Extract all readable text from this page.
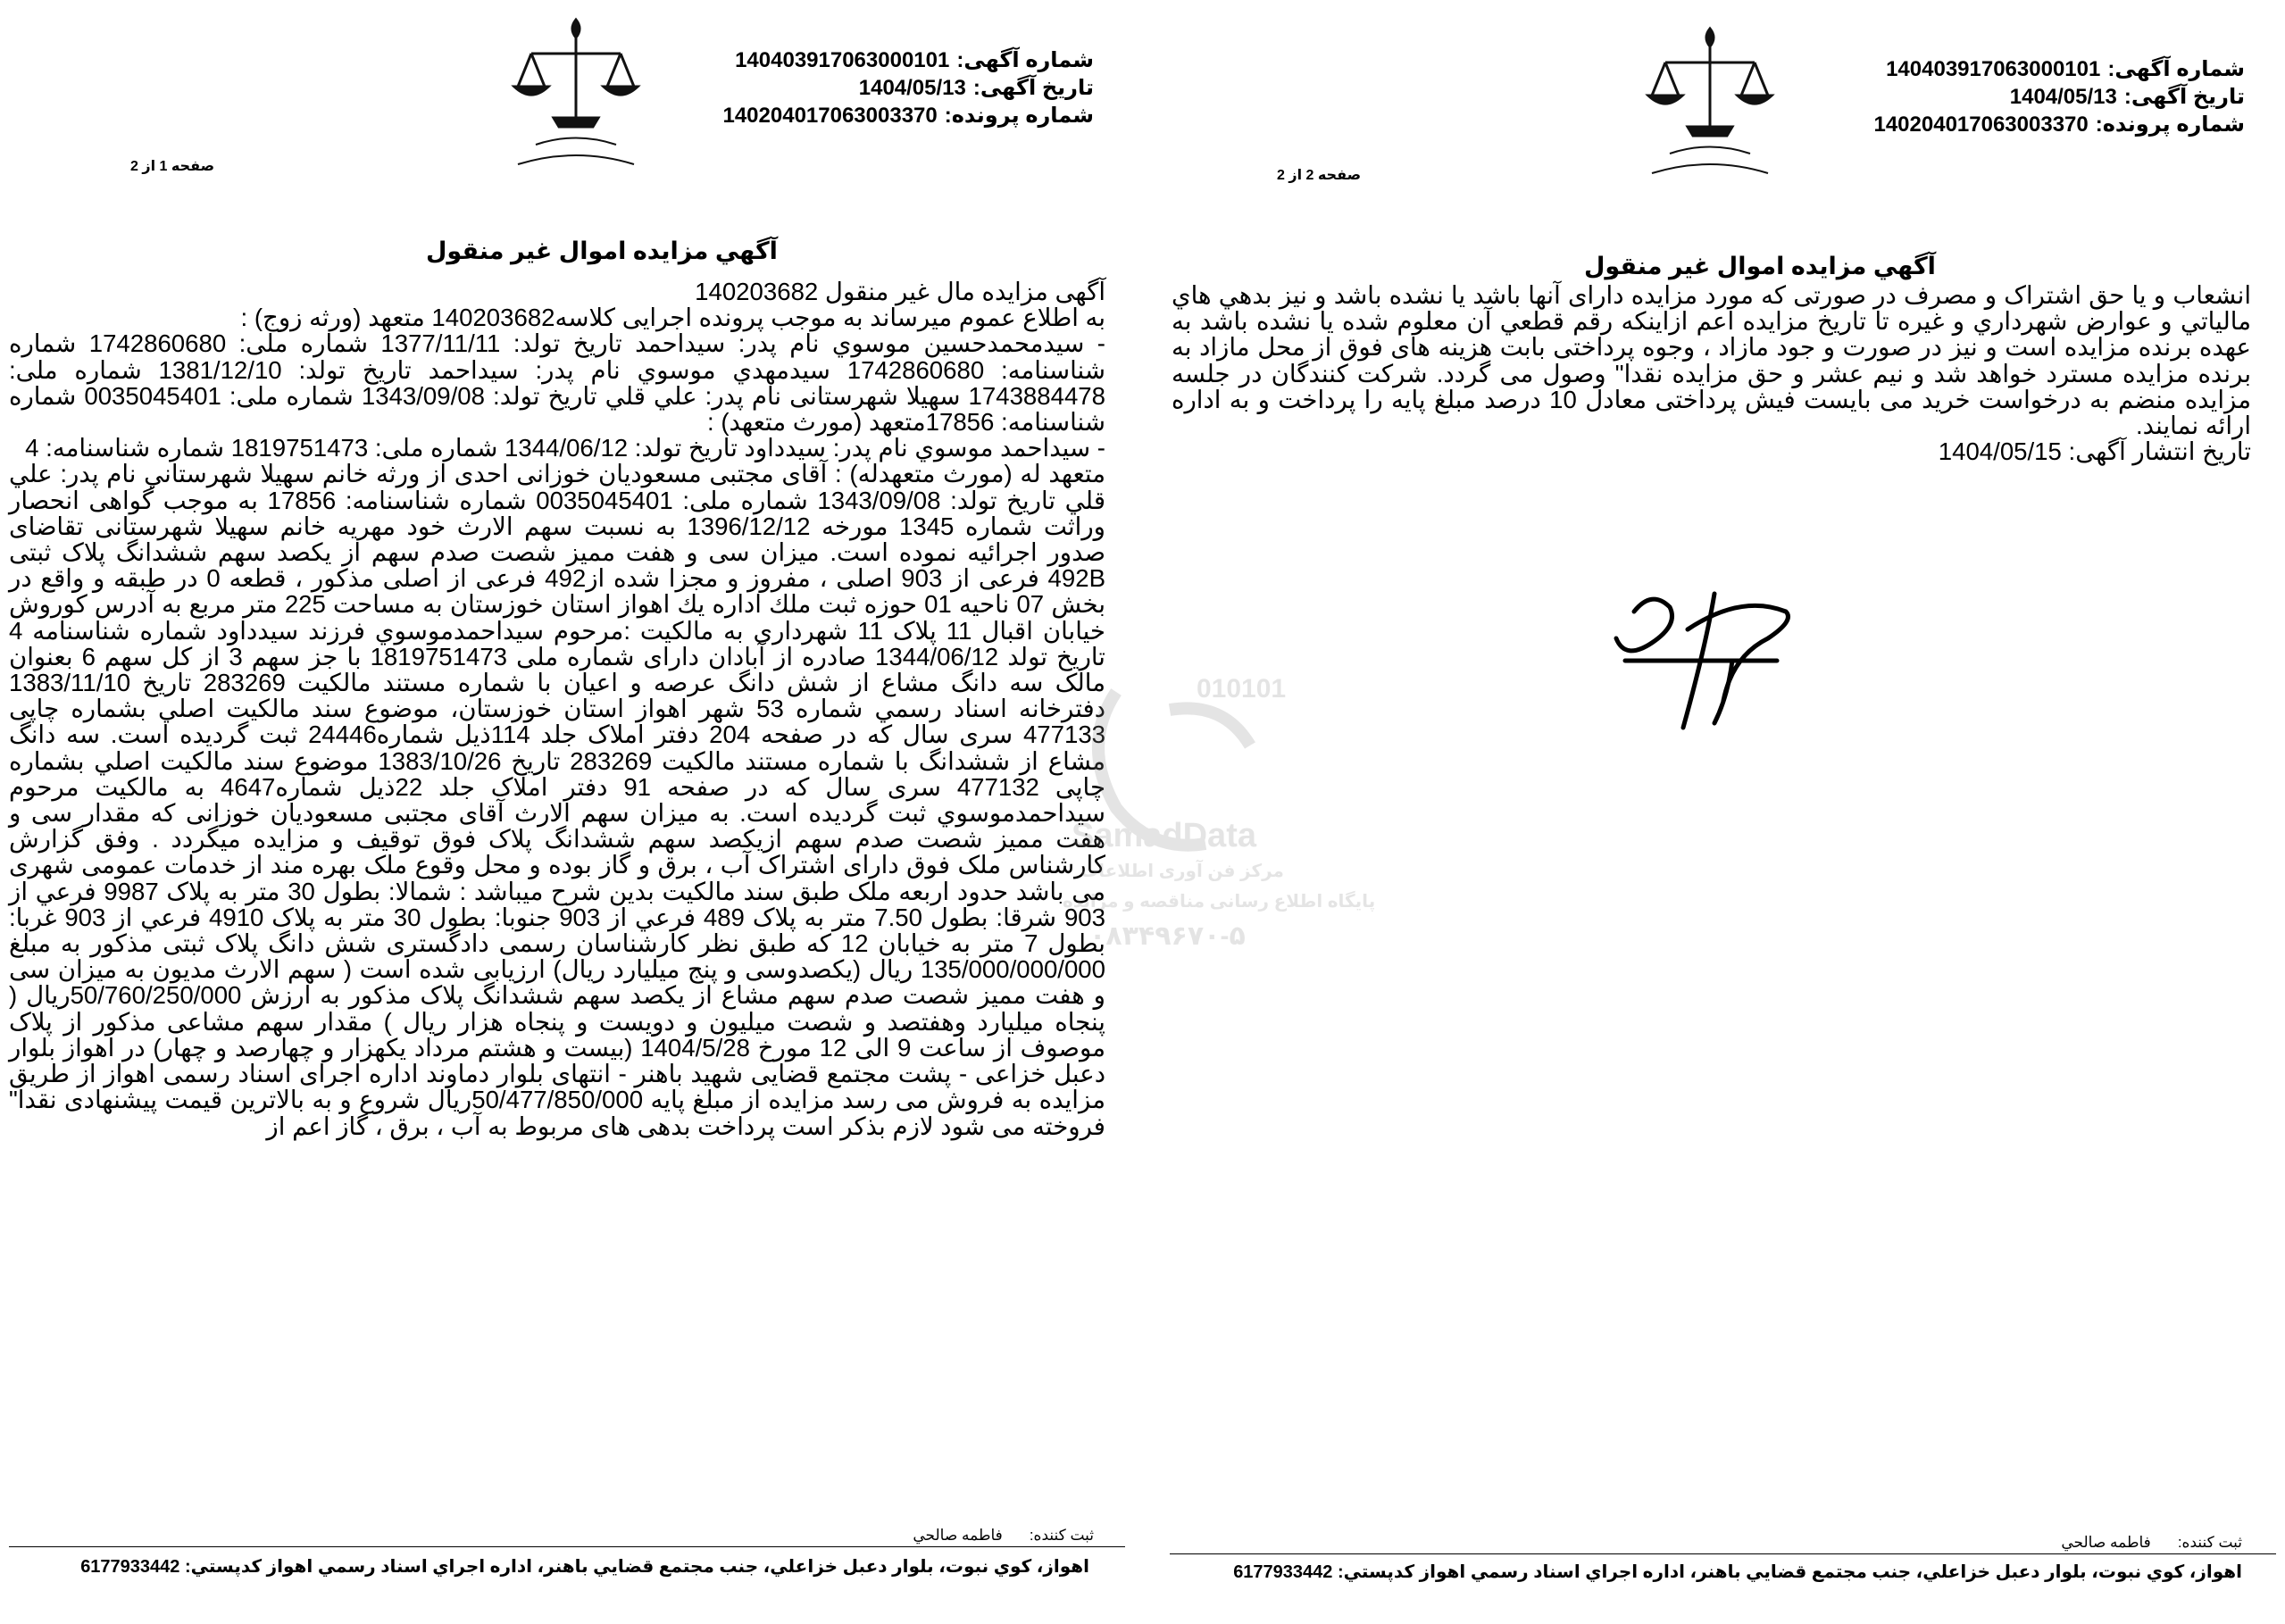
شماره آگهی:140403917063000101
تاریخ آگهی:1404/05/13
شماره پرونده:140204017063003370
صفحه 1 از 2
آگهي مزايده اموال غير منقول

آگهی مزایده مال غیر منقول 140203682

به اطلاع عموم میرساند به موجب پرونده اجرایی کلاسه140203682 متعهد (ورثه زوج) :

- سیدمحمدحسین موسوي نام پدر: سیداحمد تاریخ تولد: 1377/11/11 شماره ملی: 1742860680 شماره شناسنامه: 1742860680 سیدمهدي موسوي نام پدر: سیداحمد تاریخ تولد: 1381/12/10 شماره ملی: 1743884478 سهیلا شهرستانی نام پدر: علي قلي تاریخ تولد: 1343/09/08 شماره ملی: 0035045401 شماره شناسنامه: 17856متعهد (مورث متعهد) :

- سیداحمد موسوي نام پدر: سیدداود تاریخ تولد: 1344/06/12 شماره ملی: 1819751473 شماره شناسنامه: 4

متعهد له (مورث متعهدله) : آقای مجتبی مسعودیان خوزانی احدی از ورثه خانم سهیلا شهرستاني نام پدر: علي قلي تاریخ تولد: 1343/09/08 شماره ملی: 0035045401 شماره شناسنامه: 17856 به موجب گواهی انحصار وراثت شماره 1345 مورخه 1396/12/12 به نسبت سهم الارث خود مهریه خانم سهیلا شهرستانی تقاضای صدور اجرائیه نموده است. میزان سی و هفت ممیز شصت صدم سهم از یکصد سهم ششدانگ پلاک ثبتی 492B فرعی از 903 اصلی ، مفروز و مجزا شده از492 فرعی از اصلی مذکور ، قطعه 0 در طبقه و واقع در بخش 07 ناحیه 01 حوزه ثبت ملك اداره يك اهواز استان خوزستان به مساحت 225 متر مربع به آدرس کوروش خیابان اقبال 11 پلاک 11 شهرداری به مالکیت :مرحوم سیداحمدموسوي فرزند سیدداود شماره شناسنامه 4 تاریخ تولد 1344/06/12 صادره از آبادان دارای شماره ملی 1819751473 با جز سهم 3 از کل سهم 6 بعنوان مالک سه دانگ مشاع از شش دانگ عرصه و اعیان با شماره مستند مالکیت 283269 تاریخ 1383/11/10 دفترخانه اسناد رسمي شماره 53 شهر اهواز استان خوزستان، موضوع سند مالکيت اصلي بشماره چاپی 477133 سری سال که در صفحه 204 دفتر املاک جلد 114ذیل شماره24446 ثبت گردیده است. سه دانگ مشاع از ششدانگ با شماره مستند مالکیت 283269 تاریخ 1383/10/26 موضوع سند مالکيت اصلي بشماره چاپی 477132 سری سال که در صفحه 91 دفتر املاک جلد 22ذیل شماره4647 به مالکیت مرحوم سیداحمدموسوي ثبت گردیده است. به میزان سهم الارث آقای مجتبی مسعودیان خوزانی که مقدار سی و هفت ممیز شصت صدم سهم ازیکصد سهم ششدانگ پلاک فوق توقیف و مزایده میگردد . وفق گزارش کارشناس ملک فوق دارای اشتراک آب ، برق و گاز بوده و محل وقوع ملک بهره مند از خدمات عمومی شهری می باشد حدود اربعه ملک طبق سند مالکیت بدین شرح میباشد : شمالا: بطول 30 متر به پلاک 9987 فرعي از 903 شرقا: بطول 7.50 متر به پلاک 489 فرعي از 903 جنوبا: بطول 30 متر به پلاک 4910 فرعي از 903 غربا: بطول 7 متر به خیابان 12 که طبق نظر کارشناسان رسمی دادگستری شش دانگ پلاک ثبتی مذکور به مبلغ 135/000/000/000 ریال (یکصدوسی و پنج میلیارد ریال) ارزیابی شده است ( سهم الارث مدیون به میزان سی و هفت ممیز شصت صدم سهم مشاع از یکصد سهم ششدانگ پلاک مذکور به ارزش 50/760/250/000ریال ( پنجاه میلیارد وهفتصد و شصت میلیون و دویست و پنجاه هزار ریال ) مقدار سهم مشاعی مذکور از پلاک موصوف از ساعت 9 الی 12 مورخ 1404/5/28 (بیست و هشتم مرداد یکهزار و چهارصد و چهار) در اهواز بلوار دعبل خزاعی - پشت مجتمع قضایی شهید باهنر - انتهای بلوار دماوند اداره اجرای اسناد رسمی اهواز از طریق مزایده به فروش می رسد مزایده از مبلغ پایه 50/477/850/000ریال شروع و به بالاترین قیمت پیشنهادی نقدا" فروخته می شود لازم بذکر است پرداخت بدهی های مربوط به آب ، برق ، گاز اعم از

ثبت کننده:فاطمه صالحي
اهواز، کوي نبوت، بلوار دعبل خزاعلي، جنب مجتمع قضايي باهنر، اداره اجراي اسناد رسمي اهواز کدپستي: 6177933442
010101
SamadData
مرکز فن آوری اطلاعات
پایگاه اطلاع رسانی مناقصه و مزایده
۰۸۳۴۹۶۷۰-۵
شماره آگهی:140403917063000101
تاریخ آگهی:1404/05/13
شماره پرونده:140204017063003370
صفحه 2 از 2
آگهي مزايده اموال غير منقول

انشعاب و یا حق اشتراک و مصرف در صورتی که مورد مزایده دارای آنها باشد یا نشده باشد و نیز بدهي هاي مالياتي و عوارض شهرداري و غيره تا تاريخ مزايده اعم ازاينكه رقم قطعي آن معلوم شده يا نشده باشد به عهده برنده مزايده است و نیز در صورت و جود مازاد ، وجوه پرداختی بابت هزینه های فوق از محل مازاد به برنده مزایده مسترد خواهد شد و نیم عشر و حق مزایده نقدا" وصول می گردد. شرکت کنندگان در جلسه مزایده منضم به درخواست خرید می بایست فیش پرداختی معادل 10 درصد مبلغ پایه را پرداخت و به اداره ارائه نمایند.

تاریخ انتشار آگهی: 1404/05/15

ثبت کننده:فاطمه صالحي
اهواز، کوي نبوت، بلوار دعبل خزاعلي، جنب مجتمع قضايي باهنر، اداره اجراي اسناد رسمي اهواز کدپستي: 6177933442
